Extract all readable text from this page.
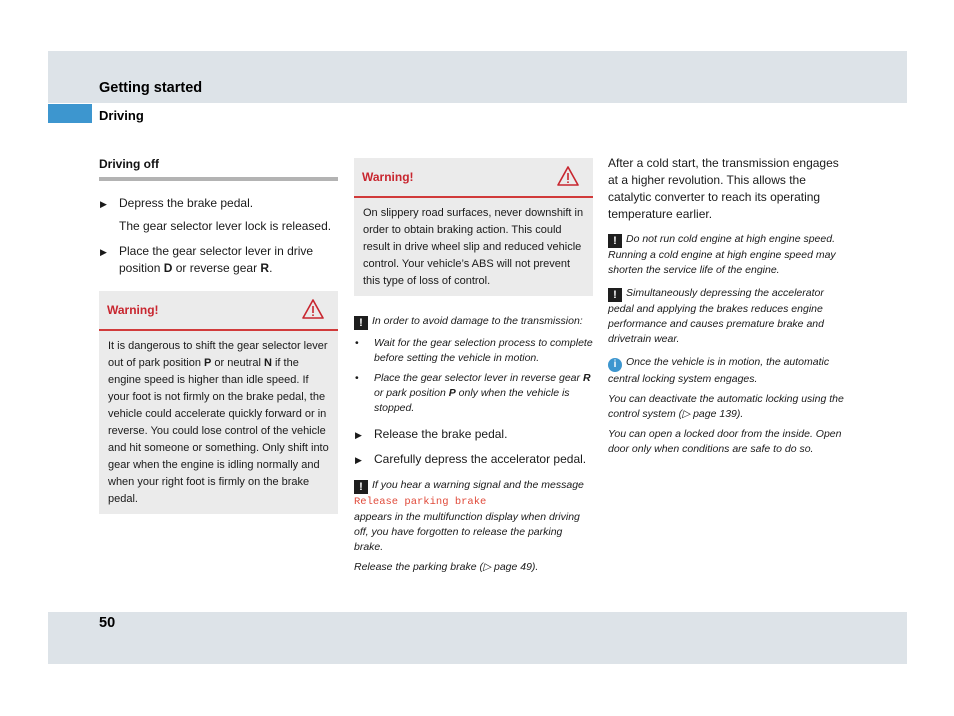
Getting started
Driving
Driving off
▶ Depress the brake pedal.
The gear selector lever lock is released.
▶ Place the gear selector lever in drive position D or reverse gear R.
Warning!
It is dangerous to shift the gear selector lever out of park position P or neutral N if the engine speed is higher than idle speed. If your foot is not firmly on the brake pedal, the vehicle could accelerate quickly forward or in reverse. You could lose control of the vehicle and hit someone or something. Only shift into gear when the engine is idling normally and when your right foot is firmly on the brake pedal.
Warning!
On slippery road surfaces, never downshift in order to obtain braking action. This could result in drive wheel slip and reduced vehicle control. Your vehicle’s ABS will not prevent this type of loss of control.
! In order to avoid damage to the transmission:
• Wait for the gear selection process to complete before setting the vehicle in motion.
• Place the gear selector lever in reverse gear R or park position P only when the vehicle is stopped.
▶ Release the brake pedal.
▶ Carefully depress the accelerator pedal.
! If you hear a warning signal and the message Release parking brake
appears in the multifunction display when driving off, you have forgotten to release the parking brake.
Release the parking brake (▷ page 49).
After a cold start, the transmission engages at a higher revolution. This allows the catalytic converter to reach its operating temperature earlier.
! Do not run cold engine at high engine speed. Running a cold engine at high engine speed may shorten the service life of the engine.
! Simultaneously depressing the accelerator pedal and applying the brakes reduces engine performance and causes premature brake and drivetrain wear.
i Once the vehicle is in motion, the automatic central locking system engages.
You can deactivate the automatic locking using the control system (▷ page 139).
You can open a locked door from the inside. Open door only when conditions are safe to do so.
50
